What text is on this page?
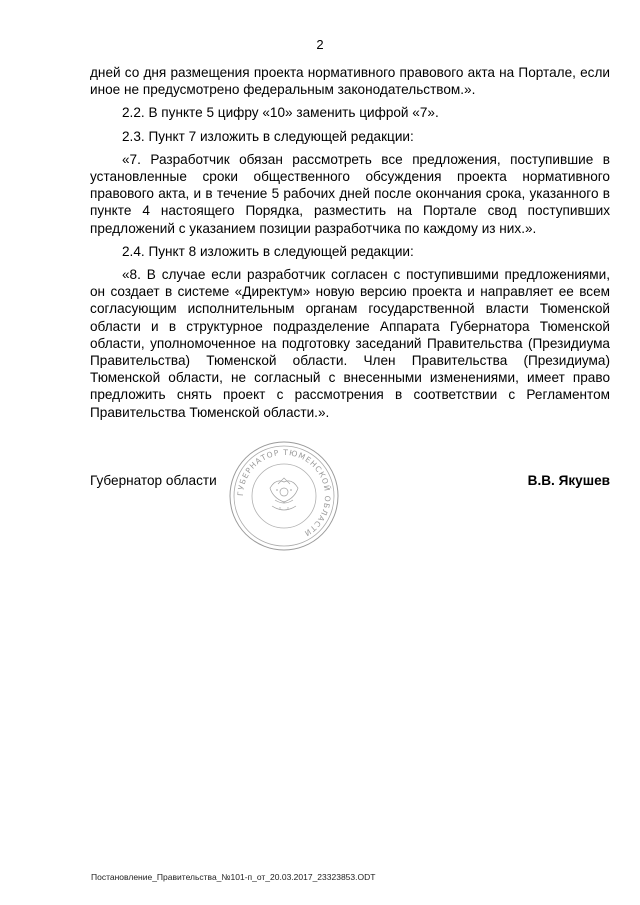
2

дней со дня размещения проекта нормативного правового акта на Портале, если иное не предусмотрено федеральным законодательством.».

2.2. В пункте 5 цифру «10» заменить цифрой «7».

2.3. Пункт 7 изложить в следующей редакции:

«7. Разработчик обязан рассмотреть все предложения, поступившие в установленные сроки общественного обсуждения проекта нормативного правового акта, и в течение 5 рабочих дней после окончания срока, указанного в пункте 4 настоящего Порядка, разместить на Портале свод поступивших предложений с указанием позиции разработчика по каждому из них.».

2.4. Пункт 8 изложить в следующей редакции:

«8. В случае если разработчик согласен с поступившими предложениями, он создает в системе «Директум» новую версию проекта и направляет ее всем согласующим исполнительным органам государственной власти Тюменской области и в структурное подразделение Аппарата Губернатора Тюменской области, уполномоченное на подготовку заседаний Правительства (Президиума Правительства) Тюменской области. Член Правительства (Президиума) Тюменской области, не согласный с внесенными изменениями, имеет право предложить снять проект с рассмотрения в соответствии с Регламентом Правительства Тюменской области.».

Губернатор области	В.В. Якушев
ГУБЕРНАТОР ТЮМЕНСКОЙ ОБЛАСТИ
Постановление_Правительства_№101-п_от_20.03.2017_23323853.ODT
